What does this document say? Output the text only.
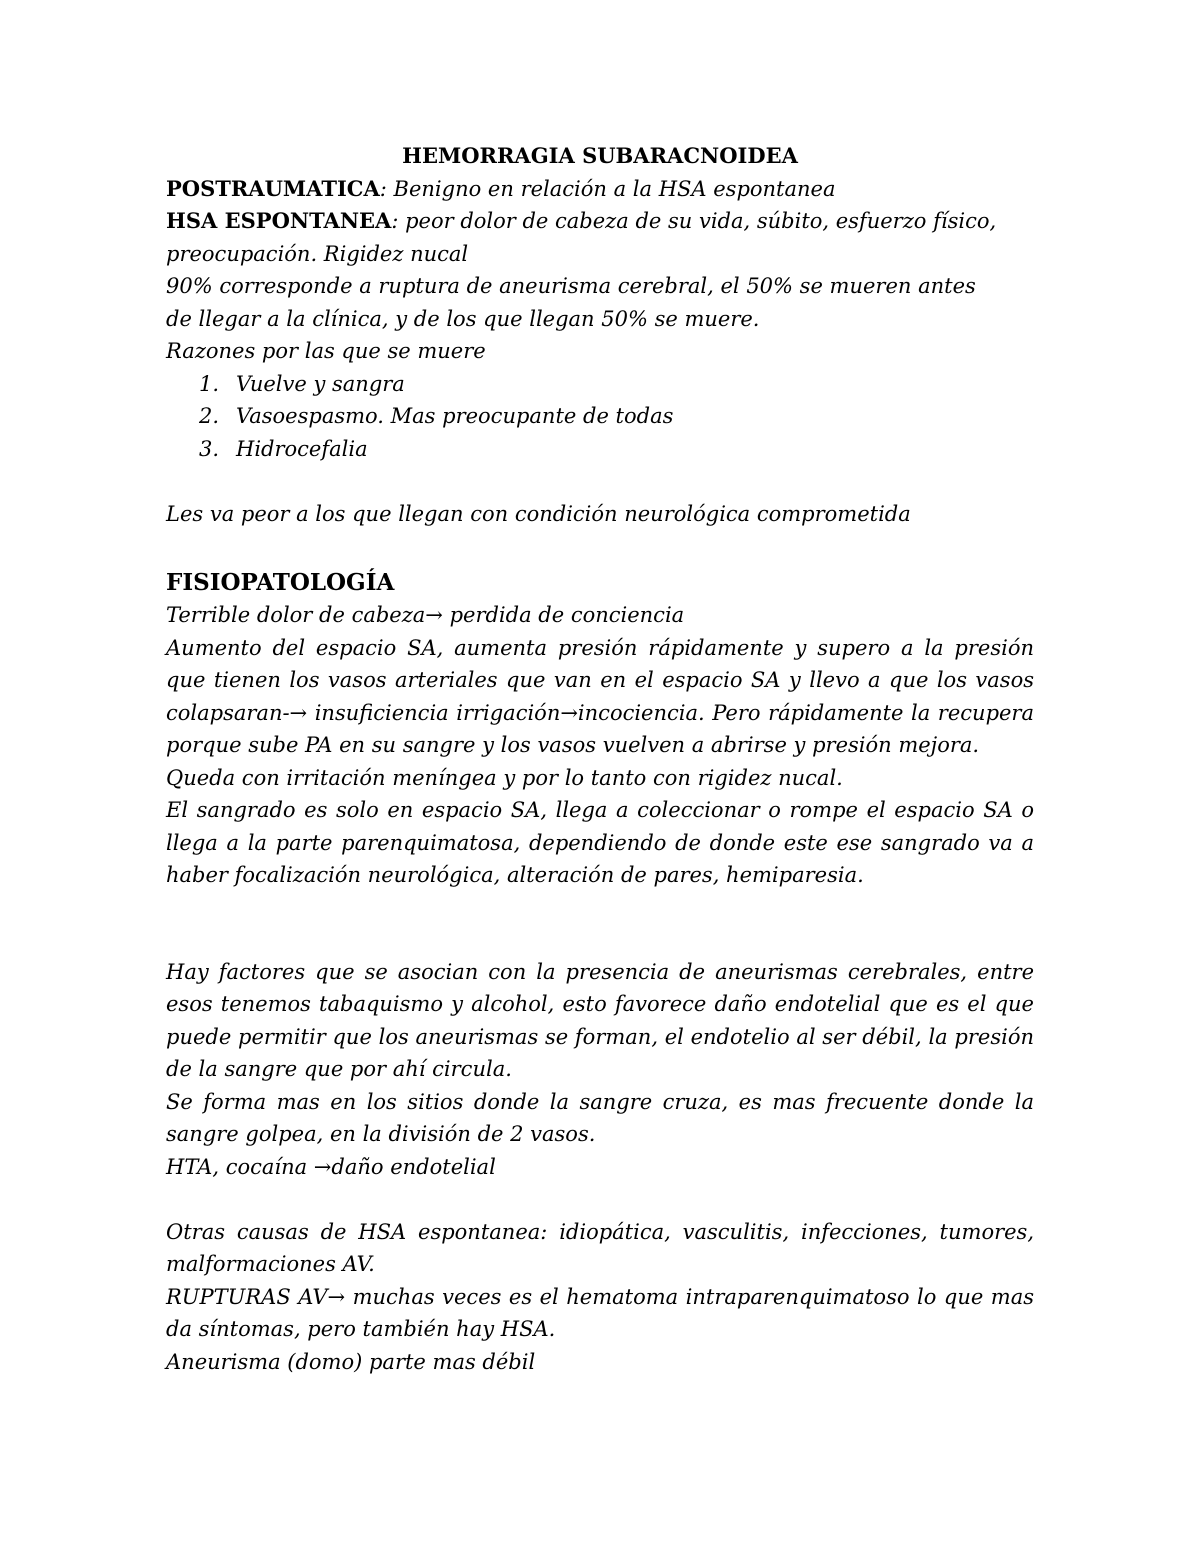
HEMORRAGIA SUBARACNOIDEA

POSTRAUMATICA: Benigno en relación a la HSA espontanea

HSA ESPONTANEA: peor dolor de cabeza de su vida, súbito, esfuerzo físico,

preocupación. Rigidez nucal

90% corresponde a ruptura de aneurisma cerebral, el 50% se mueren antes

de llegar a la clínica, y de los que llegan 50% se muere.

Razones por las que se muere

1. Vuelve y sangra
2. Vasoespasmo. Mas preocupante de todas
3. Hidrocefalia

Les va peor a los que llegan con condición neurológica comprometida

FISIOPATOLOGÍA

Terrible dolor de cabeza→ perdida de conciencia

Aumento del espacio SA, aumenta presión rápidamente y supero a la presión que tienen los vasos arteriales que van en el espacio SA y llevo a que los vasos colapsaran-→ insuficiencia irrigación→incociencia. Pero rápidamente la recupera porque sube PA en su sangre y los vasos vuelven a abrirse y presión mejora.

Queda con irritación meníngea y por lo tanto con rigidez nucal.

El sangrado es solo en espacio SA, llega a coleccionar o rompe el espacio SA o llega a la parte parenquimatosa, dependiendo de donde este ese sangrado va a haber focalización neurológica, alteración de pares, hemiparesia.

Hay factores que se asocian con la presencia de aneurismas cerebrales, entre esos tenemos tabaquismo y alcohol, esto favorece daño endotelial que es el que puede permitir que los aneurismas se forman, el endotelio al ser débil, la presión de la sangre que por ahí circula.

Se forma mas en los sitios donde la sangre cruza, es mas frecuente donde la sangre golpea, en la división de 2 vasos.

HTA, cocaína →daño endotelial

Otras causas de HSA espontanea: idiopática, vasculitis, infecciones, tumores, malformaciones AV.

RUPTURAS AV→ muchas veces es el hematoma intraparenquimatoso lo que mas da síntomas, pero también hay HSA.

Aneurisma (domo) parte mas débil
